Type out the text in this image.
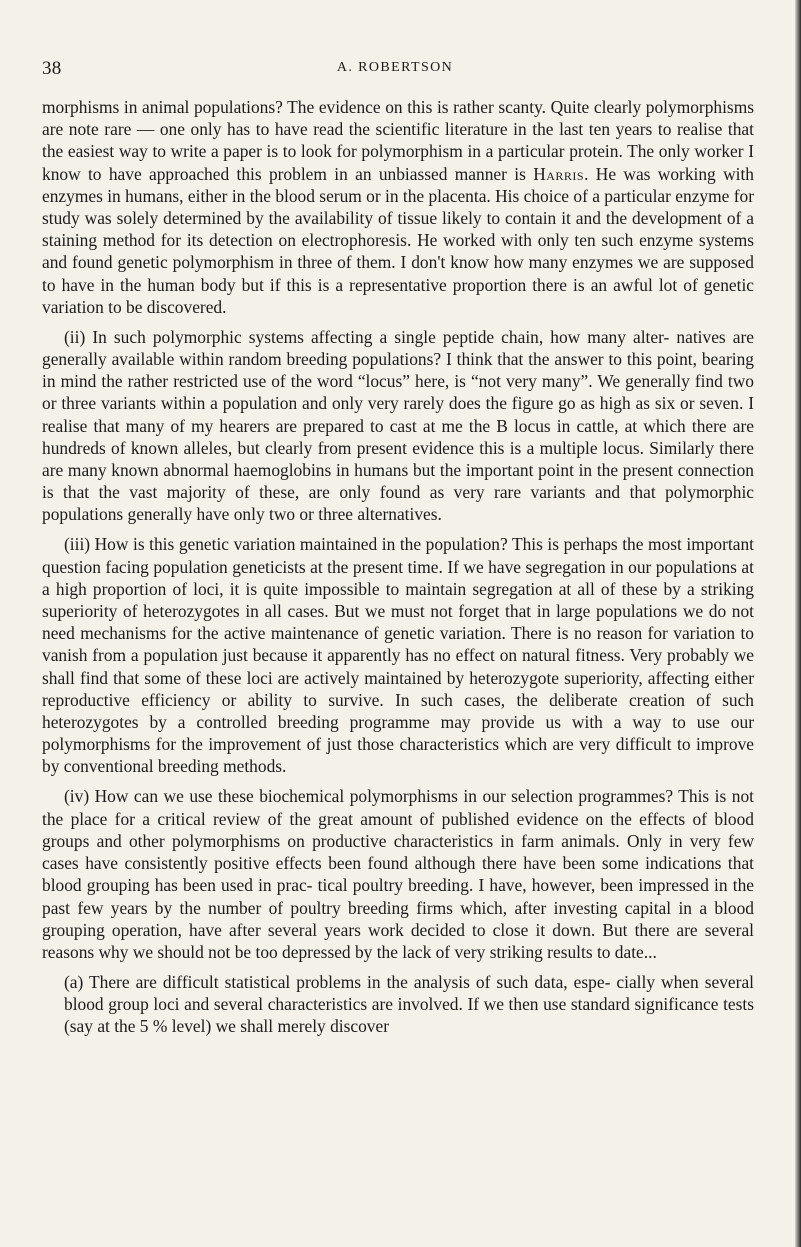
38	A. ROBERTSON

morphisms in animal populations? The evidence on this is rather scanty. Quite clearly polymorphisms are note rare — one only has to have read the scientific literature in the last ten years to realise that the easiest way to write a paper is to look for polymorphism in a particular protein. The only worker I know to have approached this problem in an unbiassed manner is Harris. He was working with enzymes in humans, either in the blood serum or in the placenta. His choice of a particular enzyme for study was solely determined by the availability of tissue likely to contain it and the development of a staining method for its detection on electrophoresis. He worked with only ten such enzyme systems and found genetic polymorphism in three of them. I don't know how many enzymes we are supposed to have in the human body but if this is a representative proportion there is an awful lot of genetic variation to be discovered.

(ii) In such polymorphic systems affecting a single peptide chain, how many alter- natives are generally available within random breeding populations? I think that the answer to this point, bearing in mind the rather restricted use of the word “locus” here, is “not very many”. We generally find two or three variants within a population and only very rarely does the figure go as high as six or seven. I realise that many of my hearers are prepared to cast at me the B locus in cattle, at which there are hundreds of known alleles, but clearly from present evidence this is a multiple locus. Similarly there are many known abnormal haemoglobins in humans but the important point in the present connection is that the vast majority of these, are only found as very rare variants and that polymorphic populations generally have only two or three alternatives.

(iii) How is this genetic variation maintained in the population? This is perhaps the most important question facing population geneticists at the present time. If we have segregation in our populations at a high proportion of loci, it is quite impossible to maintain segregation at all of these by a striking superiority of heterozygotes in all cases. But we must not forget that in large populations we do not need mechanisms for the active maintenance of genetic variation. There is no reason for variation to vanish from a population just because it apparently has no effect on natural fitness. Very probably we shall find that some of these loci are actively maintained by heterozygote superiority, affecting either reproductive efficiency or ability to survive. In such cases, the deliberate creation of such heterozygotes by a controlled breeding programme may provide us with a way to use our polymorphisms for the improvement of just those characteristics which are very difficult to improve by conventional breeding methods.

(iv) How can we use these biochemical polymorphisms in our selection programmes? This is not the place for a critical review of the great amount of published evidence on the effects of blood groups and other polymorphisms on productive characteristics in farm animals. Only in very few cases have consistently positive effects been found although there have been some indications that blood grouping has been used in prac- tical poultry breeding. I have, however, been impressed in the past few years by the number of poultry breeding firms which, after investing capital in a blood grouping operation, have after several years work decided to close it down. But there are several reasons why we should not be too depressed by the lack of very striking results to date...

(a) There are difficult statistical problems in the analysis of such data, espe- cially when several blood group loci and several characteristics are involved. If we then use standard significance tests (say at the 5 % level) we shall merely discover
